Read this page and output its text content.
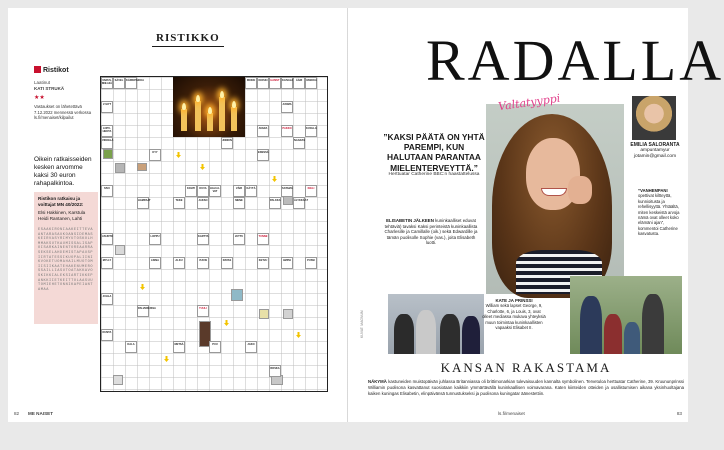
RISTIKKO
Ristikot
Laatinut
KATI STRUKÄ
★★
Vastaukset on lähetettävä 7.12.2022 mennessä verkossa ls.fi/menaiset/kilpailut
Oikein ratkaisseiden kesken arvomme kaksi 30 euron rahapalkintoa.
Ristikon ratkaisu ja voittajat MN 40/2022:
Elsi Hakkinen, Karstula Heidi Rantanen, Lahti
ESAAKIRONIAAKEITTEVAANTARASAUKOANSIDEMASKEIRVASYRIMYUTOSKOLHMMAKSUTKAUMISSALISAPOISARKAINENTOREAARRASEKSELAHDEMISTAPAUSPIIRTATESSIKUOPALIINIKVOKETUOMAHAILMUOTOMIISIIKAATEHAKENUMEROSSAILLIASUTOATAKKAVOSKIKKIALEKSIARTIKKEPANKKIIETKEITTOLAASUUTOMIEHETONNIKAPEIANTAMAA
VARUS-MIE-HIÄ
SÄVEL	KÄRKIPAIKKA	ROKKI	KIOSKI	HAMST KAIVAJA	ÄÄRI	VANKKA
LYHYT	JUOMA
LOPU-HEKTA
KOHTI	HALUA-VAT
VÄRI
AVARA	PAKKO	KUOLLA
VIKKELÄ	JONKIN	NAARAS
KYY	EDESSÄ
SIVU	KUVA	KÄYTÄ	SATAMA	KIELI
HAMPAAT	TEKE	JAKSO	MENE	PALKKA	ÄLYKKÄÄT
ASUNTO	LOPPU	KARTTA	JUTTU	TUNNE
MYLLY	LINNA	ALKU	VUOSI	RATAS	KETJU	AMPIA	PUSSI
JUHLA
PALVEREISSA	TUULI
KUNTA
KALA	METSÄ	PUU	JAKO
ROSKA
82 ME NAISET
RADALLA
”KAKSI PÄÄTÄ ON YHTÄ PAREMPI, KUN HALUTAAN PARANTAA MIELENTERVEYTTÄ.”
Herttuatar Catherine BBC:n haastattelussa
Valtatyyppi
EMILIA SALORANTA
ampuntamyur
jotamin@gmail.com
”VANHEMPANI
opettivat kiltteyttä, kunnioitusta ja rehellisyyttä. Yhtäältä, miten keskeistä arvoja nämä ovat olleet koko elämäni ajan”, kommentoi Catherine kasvatusta.
ELISABETIN JÄLKEEN kuninkaalliset eduvat tehtäviä) tavaksi Kaksi perinteistä kuninkaallista Charlesille ja Camillalle (oik.) sekä Edwardille ja tämän puolisolle Sophie (vas.), joita Elisabeth luotti.
KATE JA PRINSSI
William sekä lapset George, 9, Charlotte, 6, ja Louis, 3, ovat olleet mediassa mukava yhteyksiä muun toimintaa kuninkaallisten vapaaksi Elisabet II.
KANSAN RAKASTAMA
NÄKYMÄ kastuneiden muistopäivän juhlassa Britanniassa oli brittimonarkian tulevaisuuden kannalta symbolinen. Tervetuloa herttuatar Catherine, 39. Kruununprinssi Williamin puolisona kasvattanut suosiotaan kaikkiin ymmärtävällä kuninkaallisen voimavarana. Katen kiinteiden otteiden ja osallistumisen aikana yksinhuoltajana kaiken kuningas Elisabetin, elinpäivänsä tunnustukseksi ja puolisona kuningatar äänestettiin.
KUVAT: MAGNUM
ls.fi/menaiset	83
